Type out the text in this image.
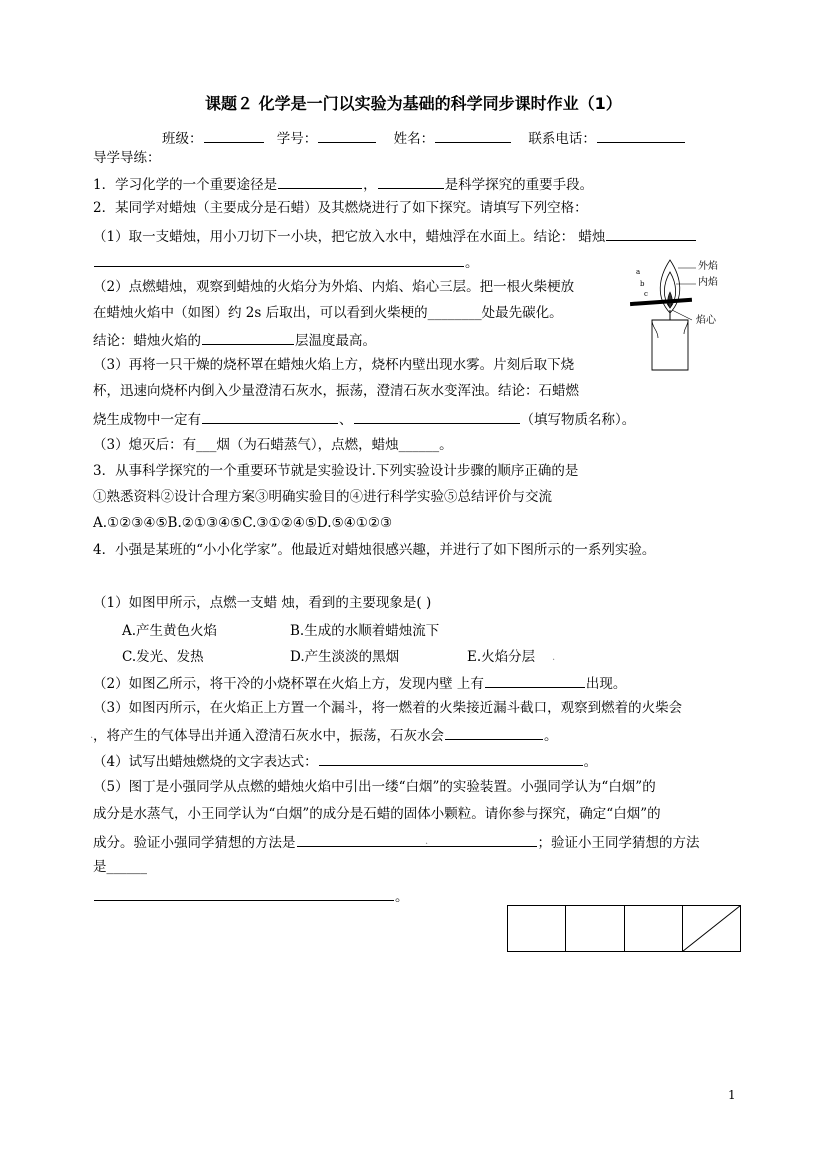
课题２ 化学是一门以实验为基础的科学同步课时作业（1）
班级：	学号：	姓名：	联系电话：
导学导练：
1．学习化学的一个重要途径是	，	是科学探究的重要手段。
2．某同学对蜡烛（主要成分是石蜡）及其燃烧进行了如下探究。请填写下列空格：
（1）取一支蜡烛，用小刀切下一小块，把它放入水中，蜡烛浮在水面上。结论： 蜡烛
。
（2）点燃蜡烛，观察到蜡烛的火焰分为外焰、内焰、焰心三层。把一根火柴梗放
在蜡烛火焰中（如图）约 2s 后取出，可以看到火柴梗的________处最先碳化。
结论：蜡烛火焰的	层温度最高。
（3）再将一只干燥的烧杯罩在蜡烛火焰上方，烧杯内壁出现水雾。片刻后取下烧
杯，迅速向烧杯内倒入少量澄清石灰水，振荡，澄清石灰水变浑浊。结论：石蜡燃
烧生成物中一定有	、	（填写物质名称）。
（3）熄灭后：有___烟（为石蜡蒸气），点燃，蜡烛______。
a
b
c
外焰
内焰
焰心
3．从事科学探究的一个重要环节就是实验设计.下列实验设计步骤的顺序正确的是
①熟悉资料②设计合理方案③明确实验目的④进行科学实验⑤总结评价与交流
A.①②③④⑤B.②①③④⑤C.③①②④⑤D.⑤④①②③
4．小强是某班的“小小化学家”。他最近对蜡烛很感兴趣，并进行了如下图所示的一系列实验。
（1）如图甲所示，点燃一支蜡 烛，看到的主要现象是( )
A.产生黄色火焰	B.生成的水顺着蜡烛流下
C.发光、发热	D.产生淡淡的黑烟	E.火焰分层
（2）如图乙所示，将干冷的小烧杯罩在火焰上方，发现内壁 上有	出现。
（3）如图丙所示，在火焰正上方置一个漏斗，将一燃着的火柴接近漏斗截口，观察到燃着的火柴会
，将产生的气体导出并通入澄清石灰水中，振荡，石灰水会	。
（4）试写出蜡烛燃烧的文字表达式：	。
（5）图丁是小强同学从点燃的蜡烛火焰中引出一缕“白烟”的实验装置。小强同学认为“白烟”的
成分是水蒸气，小王同学认为“白烟”的成分是石蜡的固体小颗粒。请你参与探究，确定“白烟”的
成分。验证小强同学猜想的方法是	；验证小王同学猜想的方法
是______
。
.
.
.
1
